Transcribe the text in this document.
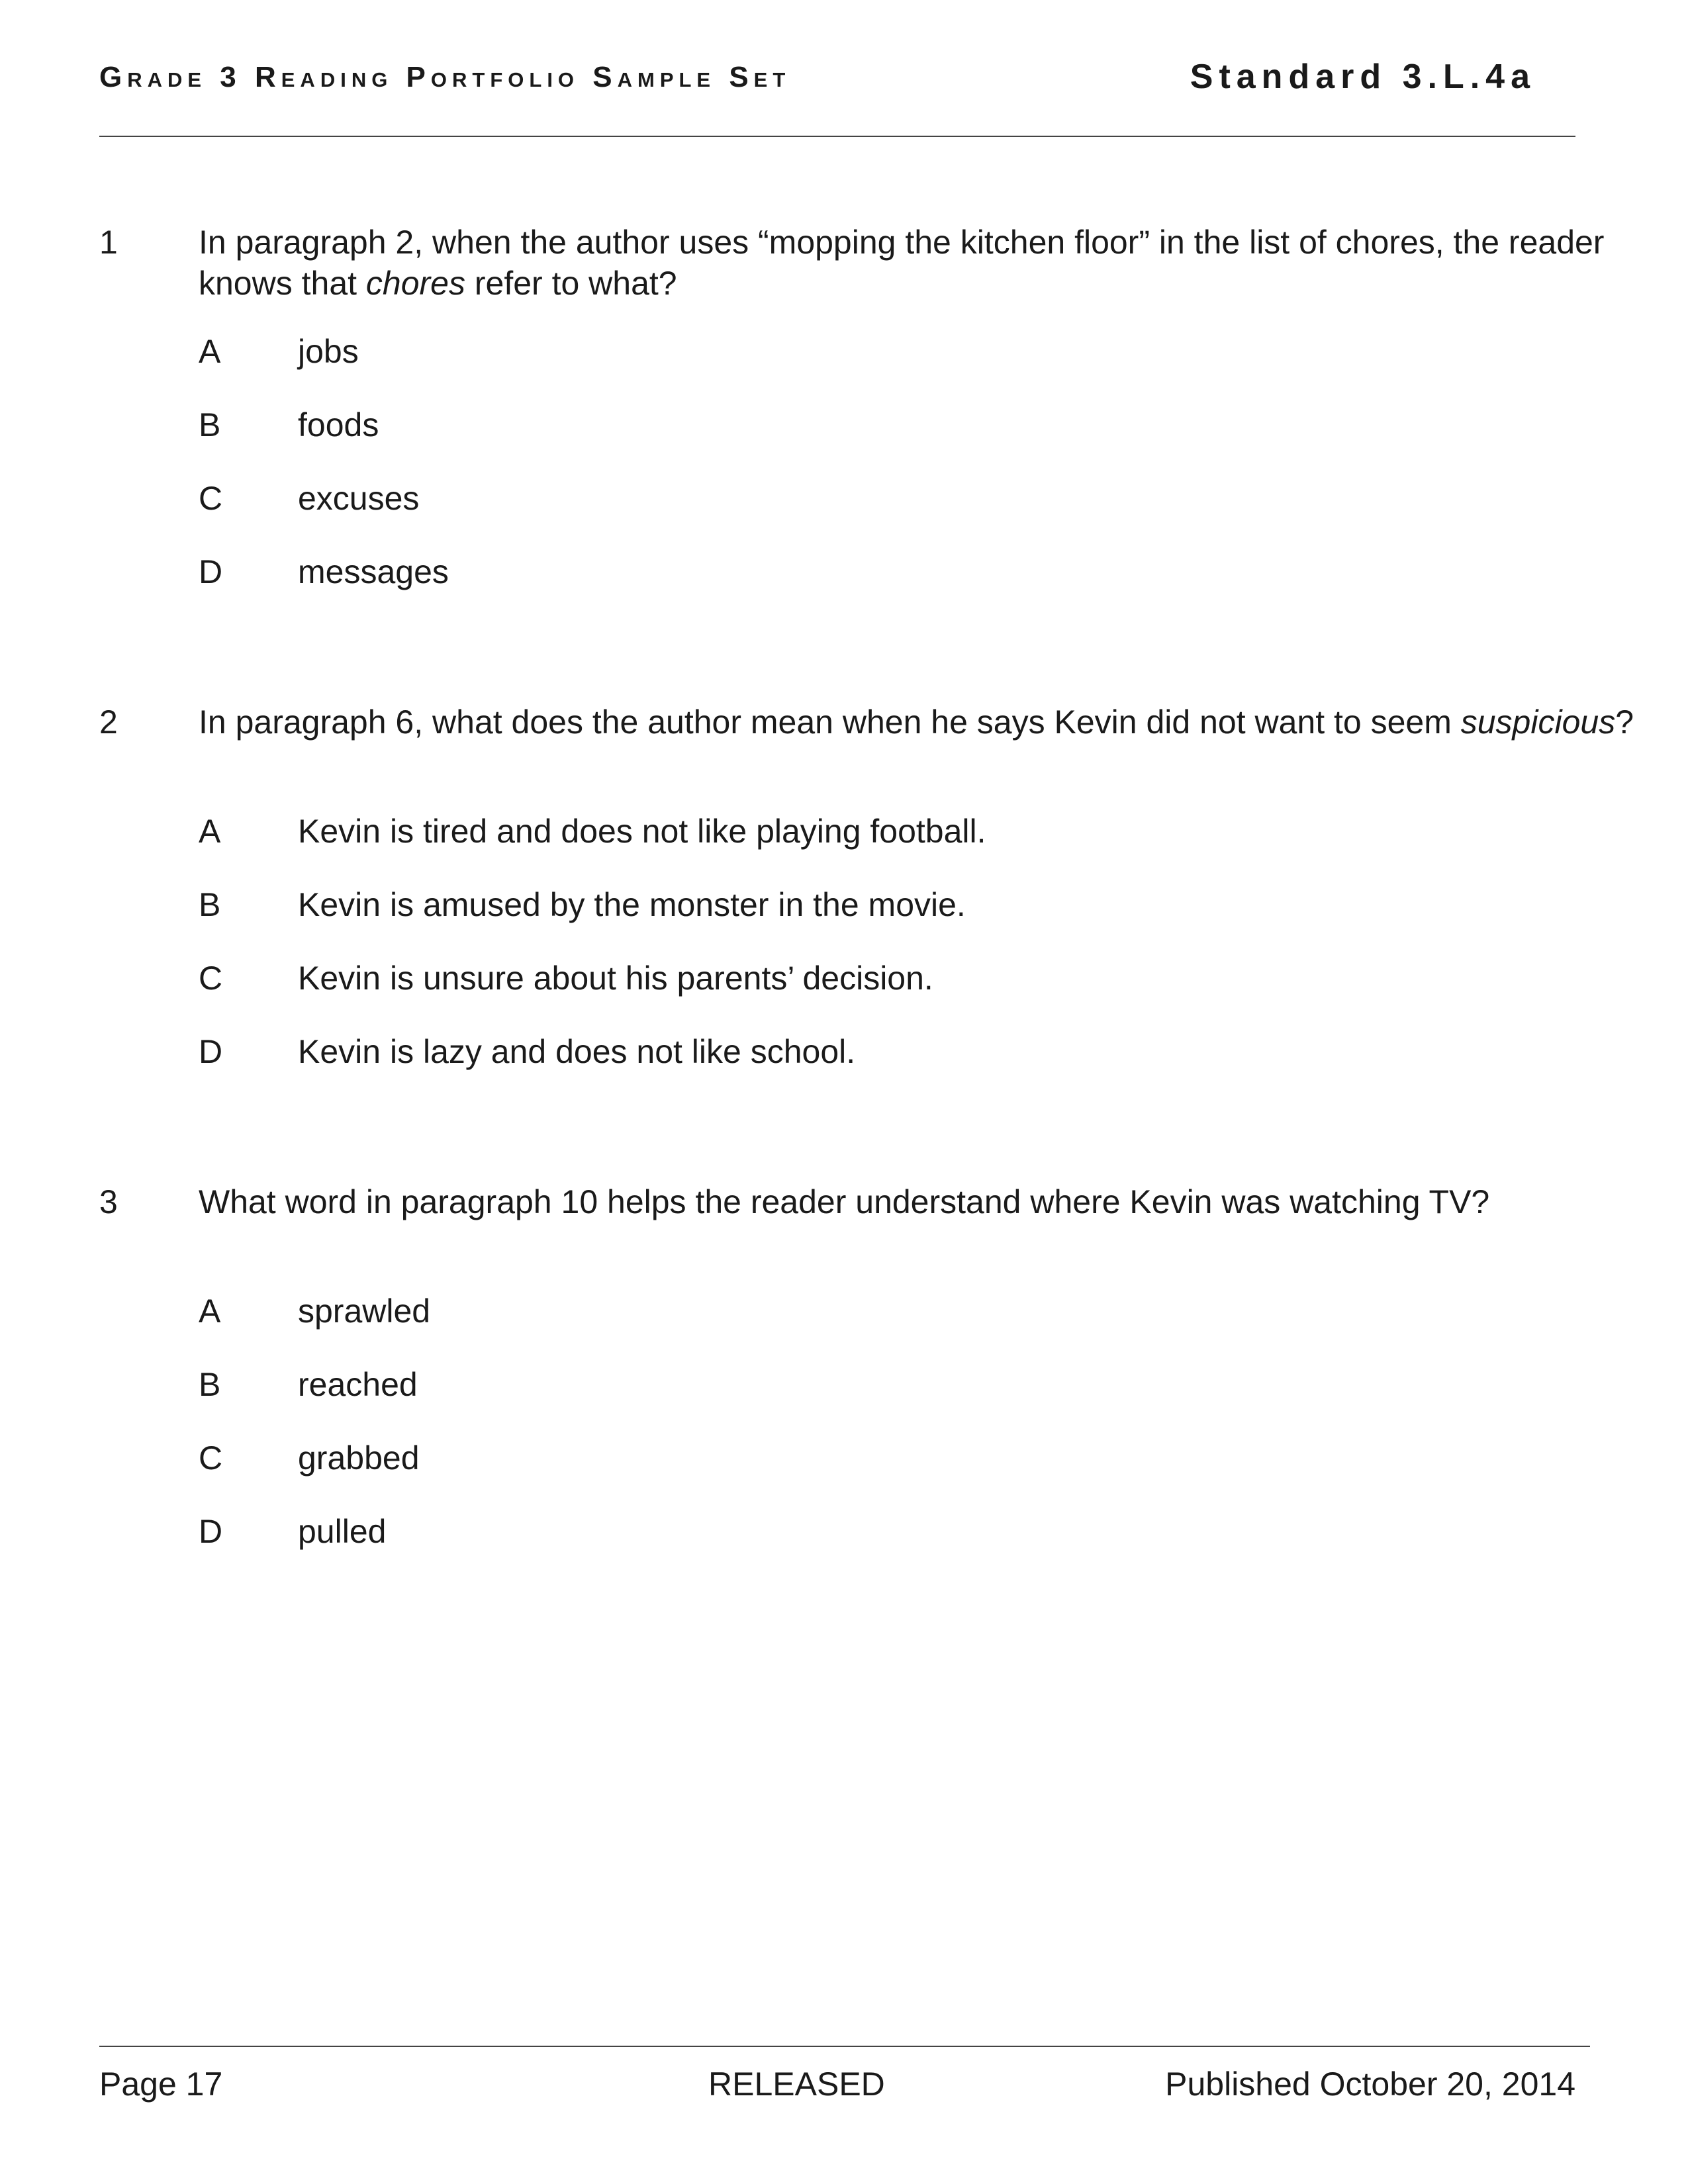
Grade 3 Reading Portfolio Sample Set	Standard 3.L.4a
1 In paragraph 2, when the author uses “mopping the kitchen floor” in the list of chores, the reader knows that chores refer to what?
A jobs
B foods
C excuses
D messages
2 In paragraph 6, what does the author mean when he says Kevin did not want to seem suspicious?
A Kevin is tired and does not like playing football.
B Kevin is amused by the monster in the movie.
C Kevin is unsure about his parents’ decision.
D Kevin is lazy and does not like school.
3 What word in paragraph 10 helps the reader understand where Kevin was watching TV?
A sprawled
B reached
C grabbed
D pulled
Page 17	RELEASED	Published October 20, 2014
